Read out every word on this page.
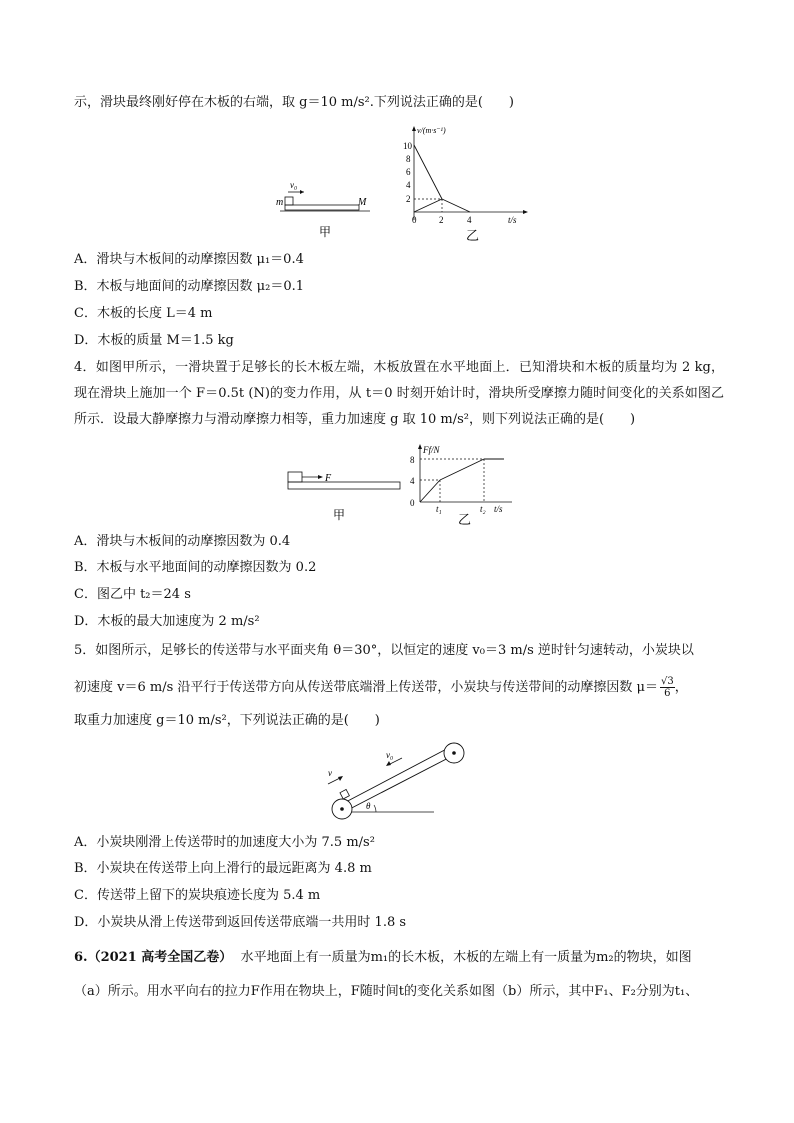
示，滑块最终刚好停在木板的右端，取 g＝10 m/s².下列说法正确的是(　　)
v₀
m	M
甲
v/(m·s⁻¹)
10
8
6
4
2
0	2	4	t/s
乙
A．滑块与木板间的动摩擦因数 μ₁＝0.4
B．木板与地面间的动摩擦因数 μ₂＝0.1
C．木板的长度 L＝4 m
D．木板的质量 M＝1.5 kg
4．如图甲所示，一滑块置于足够长的长木板左端，木板放置在水平地面上．已知滑块和木板的质量均为 2 kg，现在滑块上施加一个 F＝0.5t (N)的变力作用，从 t＝0 时刻开始计时，滑块所受摩擦力随时间变化的关系如图乙所示．设最大静摩擦力与滑动摩擦力相等，重力加速度 g 取 10 m/s²，则下列说法正确的是(　　)
F
甲
Ff/N
8
4
0
t₁	t₂ t/s
乙
A．滑块与木板间的动摩擦因数为 0.4
B．木板与水平地面间的动摩擦因数为 0.2
C．图乙中 t₂＝24 s
D．木板的最大加速度为 2 m/s²
5．如图所示，足够长的传送带与水平面夹角 θ＝30°，以恒定的速度 v₀＝3 m/s 逆时针匀速转动，小炭块以
初速度 v＝6 m/s 沿平行于传送带方向从传送带底端滑上传送带，小炭块与传送带间的动摩擦因数 $\mu= \frac{√3}{6}$ ，
取重力加速度 g＝10 m/s²，下列说法正确的是(　　)
θ
v
v₀
A．小炭块刚滑上传送带时的加速度大小为 7.5 m/s²
B．小炭块在传送带上向上滑行的最远距离为 4.8 m
C．传送带上留下的炭块痕迹长度为 5.4 m
D．小炭块从滑上传送带到返回传送带底端一共用时 1.8 s
6.（2021 高考全国乙卷） 水平地面上有一质量为m₁的长木板，木板的左端上有一质量为m₂的物块，如图
（a）所示。用水平向右的拉力F作用在物块上，F随时间t的变化关系如图（b）所示，其中F₁、F₂分别为t₁、
